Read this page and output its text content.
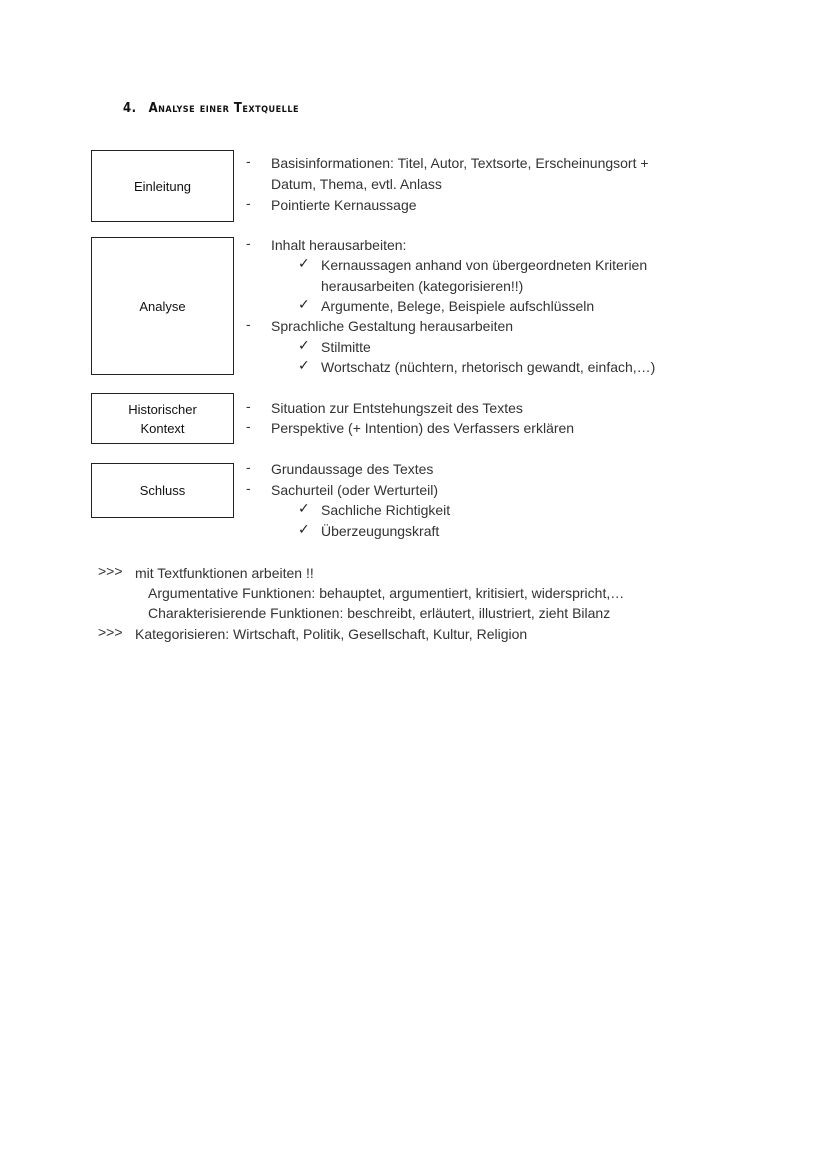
4. Analyse einer Textquelle
Einleitung
- Basisinformationen: Titel, Autor, Textsorte, Erscheinungsort +
Datum, Thema, evtl. Anlass
- Pointierte Kernaussage
Analyse
- Inhalt herausarbeiten:
✓ Kernaussagen anhand von übergeordneten Kriterien
herausarbeiten (kategorisieren!!)
✓ Argumente, Belege, Beispiele aufschlüsseln
- Sprachliche Gestaltung herausarbeiten
✓ Stilmitte
✓ Wortschatz (nüchtern, rhetorisch gewandt, einfach,…)
Historischer
Kontext
- Situation zur Entstehungszeit des Textes
- Perspektive (+ Intention) des Verfassers erklären
Schluss
- Grundaussage des Textes
- Sachurteil (oder Werturteil)
✓ Sachliche Richtigkeit
✓ Überzeugungskraft
>>> mit Textfunktionen arbeiten !!
Argumentative Funktionen: behauptet, argumentiert, kritisiert, widerspricht,…
Charakterisierende Funktionen: beschreibt, erläutert, illustriert, zieht Bilanz
>>> Kategorisieren: Wirtschaft, Politik, Gesellschaft, Kultur, Religion
